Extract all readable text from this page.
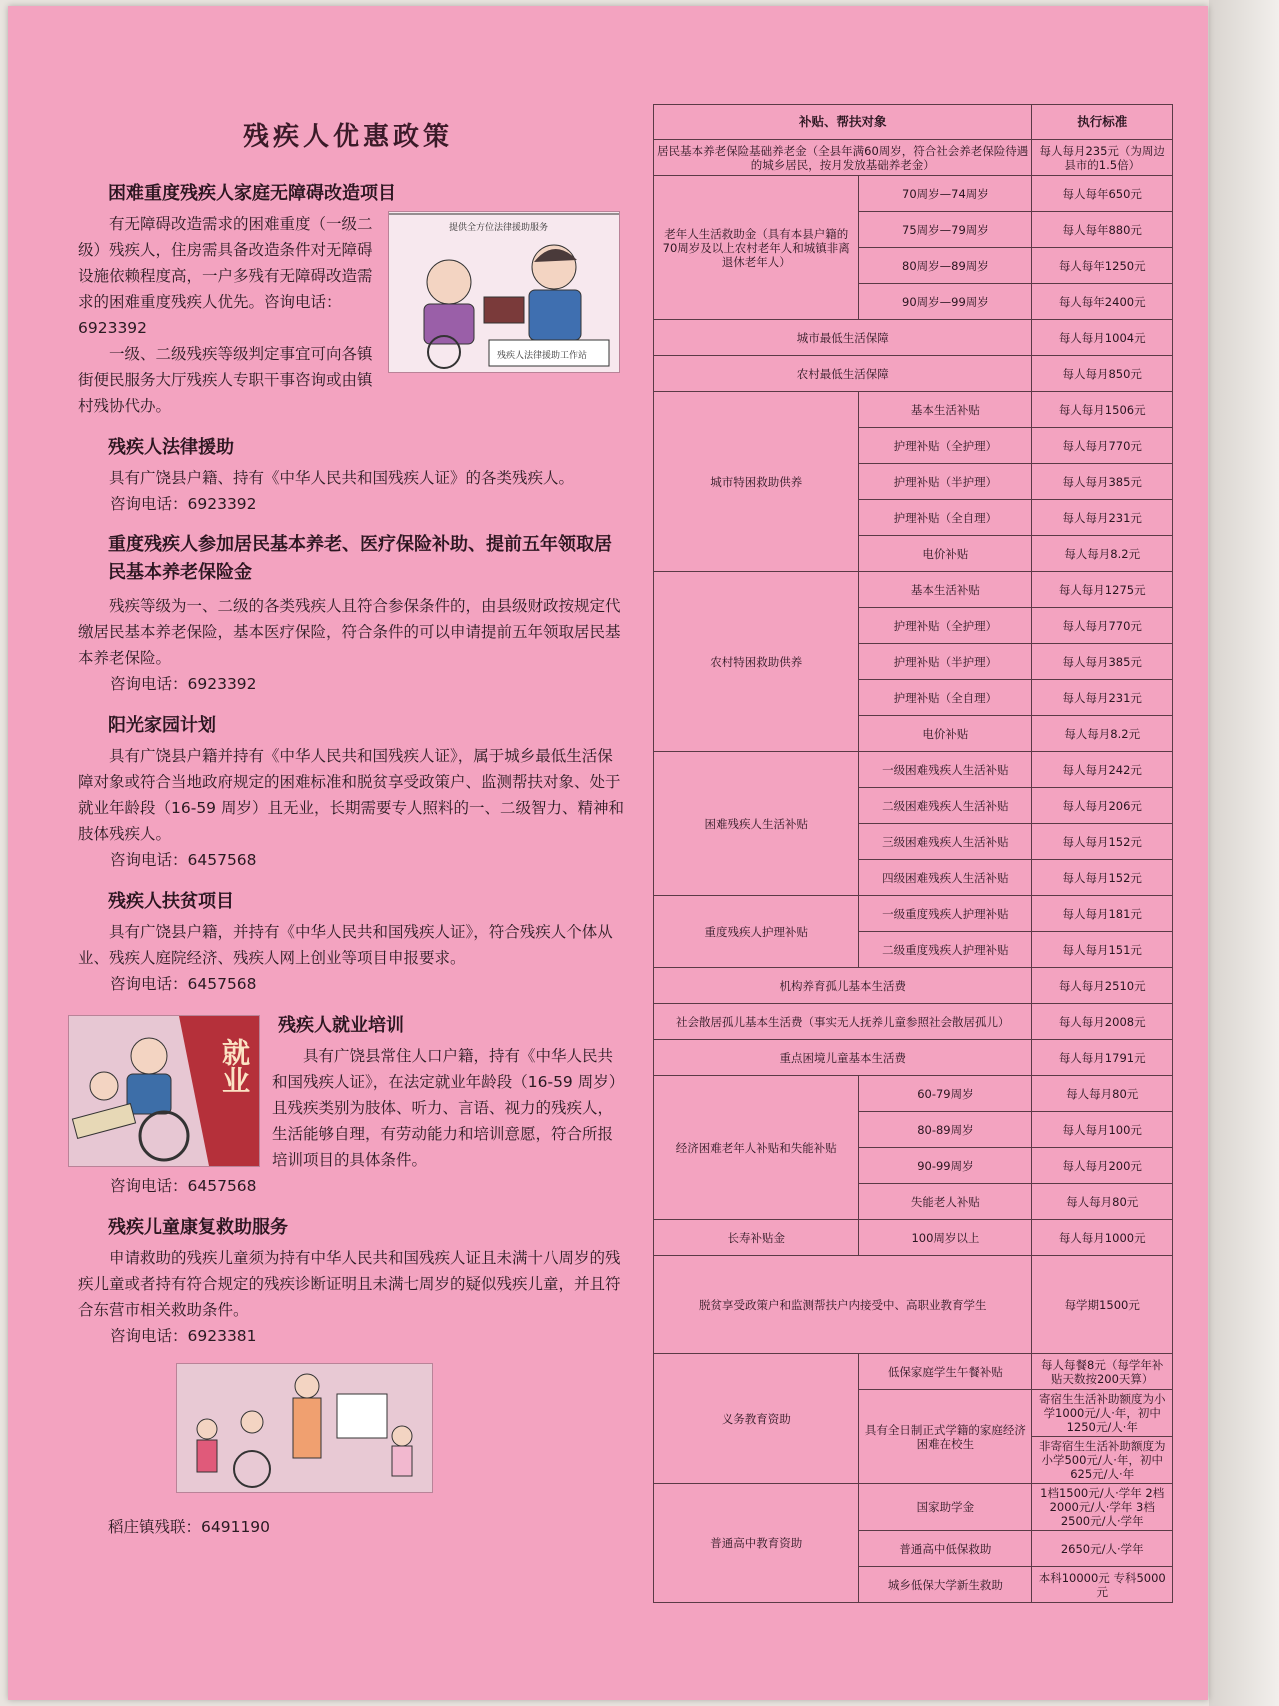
残疾人优惠政策
困难重度残疾人家庭无障碍改造项目
提供全方位法律援助服务
残疾人法律援助工作站

有无障碍改造需求的困难重度（一级二级）残疾人，住房需具备改造条件对无障碍设施依赖程度高，一户多残有无障碍改造需求的困难重度残疾人优先。咨询电话：6923392

一级、二级残疾等级判定事宜可向各镇街便民服务大厅残疾人专职干事咨询或由镇村残协代办。

残疾人法律援助

具有广饶县户籍、持有《中华人民共和国残疾人证》的各类残疾人。

咨询电话：6923392
重度残疾人参加居民基本养老、医疗保险补助、提前五年领取居民基本养老保险金

残疾等级为一、二级的各类残疾人且符合参保条件的，由县级财政按规定代缴居民基本养老保险，基本医疗保险，符合条件的可以申请提前五年领取居民基本养老保险。

咨询电话：6923392
阳光家园计划

具有广饶县户籍并持有《中华人民共和国残疾人证》，属于城乡最低生活保障对象或符合当地政府规定的困难标准和脱贫享受政策户、监测帮扶对象、处于就业年龄段（16-59 周岁）且无业，长期需要专人照料的一、二级智力、精神和肢体残疾人。

咨询电话：6457568
残疾人扶贫项目

具有广饶县户籍，并持有《中华人民共和国残疾人证》，符合残疾人个体从业、残疾人庭院经济、残疾人网上创业等项目申报要求。

咨询电话：6457568
就业
残疾人就业培训

具有广饶县常住人口户籍，持有《中华人民共和国残疾人证》，在法定就业年龄段（16-59 周岁）且残疾类别为肢体、听力、言语、视力的残疾人，生活能够自理，有劳动能力和培训意愿，符合所报培训项目的具体条件。

咨询电话：6457568
残疾儿童康复救助服务

申请救助的残疾儿童须为持有中华人民共和国残疾人证且未满十八周岁的残疾儿童或者持有符合规定的残疾诊断证明且未满七周岁的疑似残疾儿童，并且符合东营市相关救助条件。

咨询电话：6923381
稻庄镇残联：6491190
补贴、帮扶对象		执行标准
居民基本养老保险基础养老金（全县年满60周岁，符合社会养老保险待遇的城乡居民，按月发放基础养老金）		每人每月235元（为周边县市的1.5倍）
老年人生活救助金（具有本县户籍的70周岁及以上农村老年人和城镇非离退休老年人）	70周岁—74周岁	每人每年650元
	75周岁—79周岁	每人每年880元
	80周岁—89周岁	每人每年1250元
	90周岁—99周岁	每人每年2400元
城市最低生活保障		每人每月1004元
农村最低生活保障		每人每月850元
城市特困救助供养	基本生活补贴	每人每月1506元
	护理补贴（全护理）	每人每月770元
	护理补贴（半护理）	每人每月385元
	护理补贴（全自理）	每人每月231元
	电价补贴	每人每月8.2元
农村特困救助供养	基本生活补贴	每人每月1275元
	护理补贴（全护理）	每人每月770元
	护理补贴（半护理）	每人每月385元
	护理补贴（全自理）	每人每月231元
	电价补贴	每人每月8.2元
困难残疾人生活补贴	一级困难残疾人生活补贴	每人每月242元
	二级困难残疾人生活补贴	每人每月206元
	三级困难残疾人生活补贴	每人每月152元
	四级困难残疾人生活补贴	每人每月152元
重度残疾人护理补贴	一级重度残疾人护理补贴	每人每月181元
	二级重度残疾人护理补贴	每人每月151元
机构养育孤儿基本生活费		每人每月2510元
社会散居孤儿基本生活费（事实无人抚养儿童参照社会散居孤儿）		每人每月2008元
重点困境儿童基本生活费		每人每月1791元
经济困难老年人补贴和失能补贴	60-79周岁	每人每月80元
	80-89周岁	每人每月100元
	90-99周岁	每人每月200元
	失能老人补贴	每人每月80元
长寿补贴金	100周岁以上	每人每月1000元
脱贫享受政策户和监测帮扶户内接受中、高职业教育学生		每学期1500元
义务教育资助	低保家庭学生午餐补贴	每人每餐8元（每学年补贴天数按200天算）
	具有全日制正式学籍的家庭经济困难在校生	寄宿生生活补助额度为小学1000元/人·年，初中1250元/人·年
		非寄宿生生活补助额度为小学500元/人·年，初中625元/人·年
普通高中教育资助	国家助学金	1档1500元/人·学年 2档2000元/人·学年 3档2500元/人·学年
	普通高中低保救助	2650元/人·学年
	城乡低保大学新生救助	本科10000元 专科5000元
